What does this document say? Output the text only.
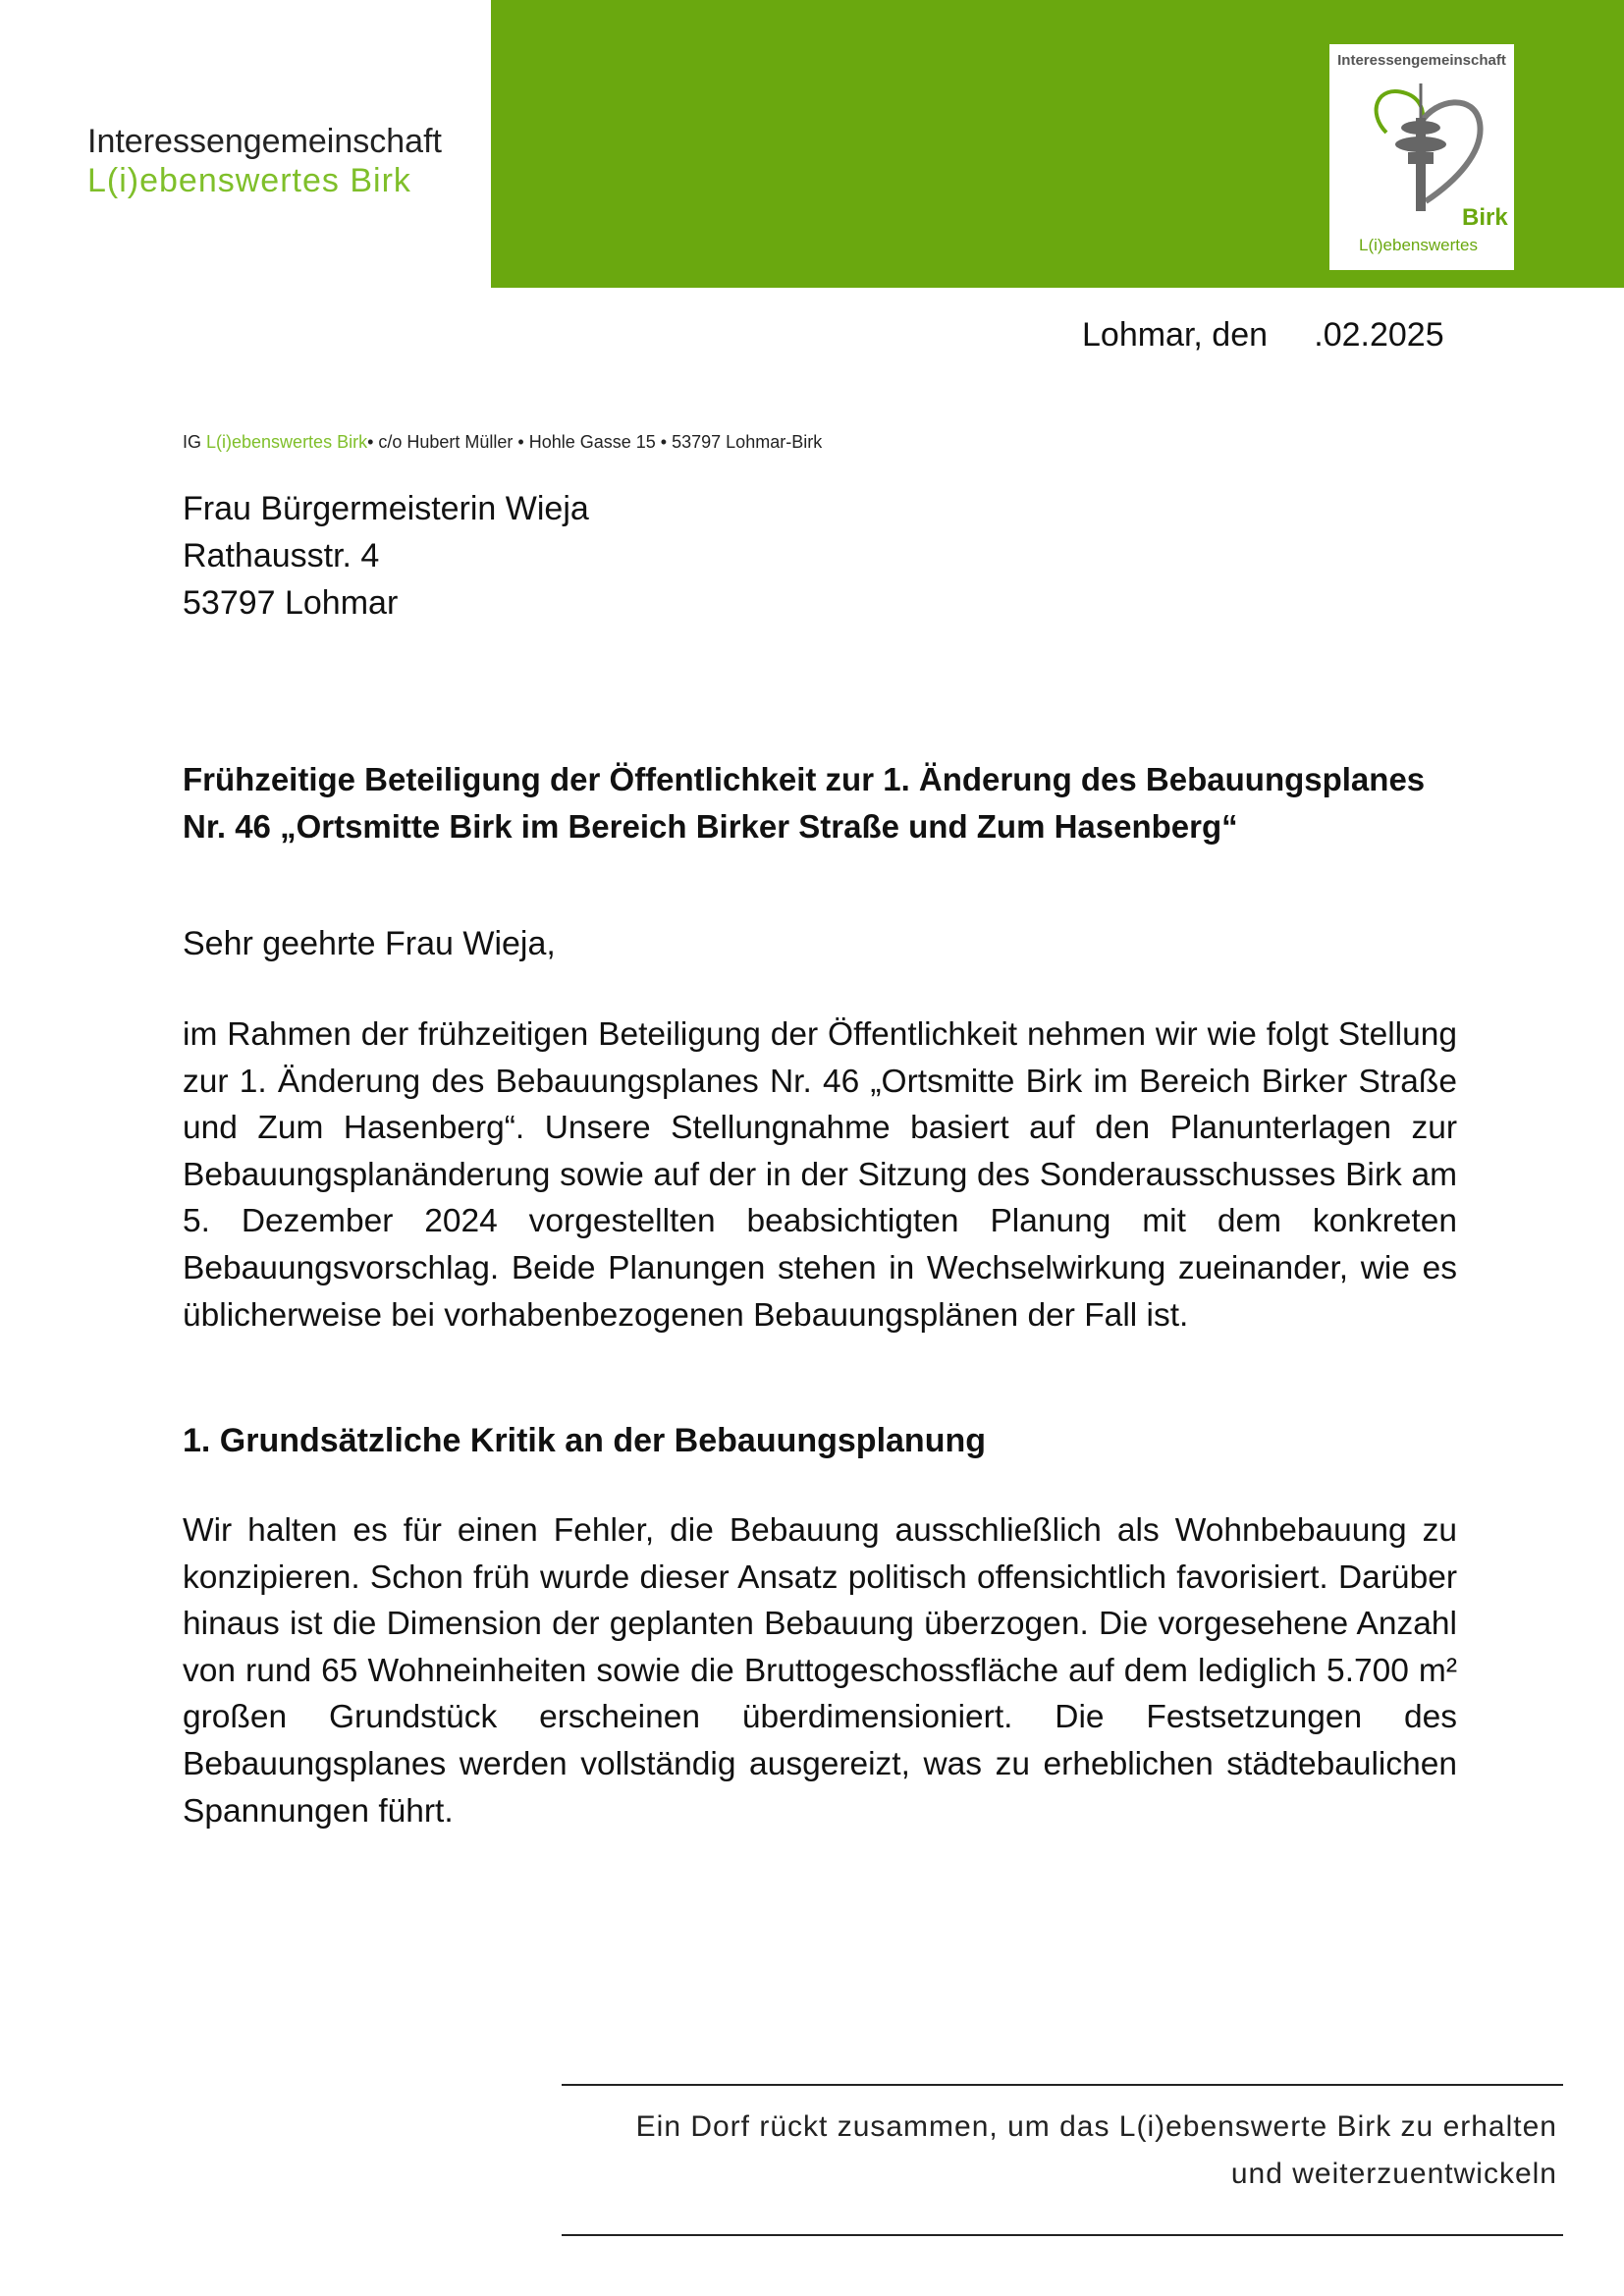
Interessengemeinschaft
L(i)ebenswertes Birk
Interessengemeinschaft
Birk
L(i)ebenswertes
Lohmar, den .02.2025
IG L(i)ebenswertes Birk• c/o Hubert Müller • Hohle Gasse 15 • 53797 Lohmar-Birk
Frau Bürgermeisterin Wieja
Rathausstr. 4
53797 Lohmar
Frühzeitige Beteiligung der Öffentlichkeit zur 1. Änderung des Bebauungsplanes
Nr. 46 „Ortsmitte Birk im Bereich Birker Straße und Zum Hasenberg“
Sehr geehrte Frau Wieja,
im Rahmen der frühzeitigen Beteiligung der Öffentlichkeit nehmen wir wie folgt Stellung zur 1. Änderung des Bebauungsplanes Nr. 46 „Ortsmitte Birk im Bereich Birker Straße und Zum Hasenberg“. Unsere Stellungnahme basiert auf den Planunterlagen zur Bebauungsplanänderung sowie auf der in der Sitzung des Sonderausschusses Birk am 5. Dezember 2024 vorgestellten beabsichtigten Planung mit dem konkreten Bebauungsvorschlag. Beide Planungen stehen in Wechselwirkung zueinander, wie es üblicherweise bei vorhabenbezogenen Bebauungsplänen der Fall ist.
1. Grundsätzliche Kritik an der Bebauungsplanung
Wir halten es für einen Fehler, die Bebauung ausschließlich als Wohnbebauung zu konzipieren. Schon früh wurde dieser Ansatz politisch offensichtlich favorisiert. Darüber hinaus ist die Dimension der geplanten Bebauung überzogen. Die vorgesehene Anzahl von rund 65 Wohneinheiten sowie die Bruttogeschossfläche auf dem lediglich 5.700 m² großen Grundstück erscheinen überdimensioniert. Die Festsetzungen des Bebauungsplanes werden vollständig ausgereizt, was zu erheblichen städtebaulichen Spannungen führt.
Ein Dorf rückt zusammen, um das L(i)ebenswerte Birk zu erhalten
und weiterzuentwickeln
